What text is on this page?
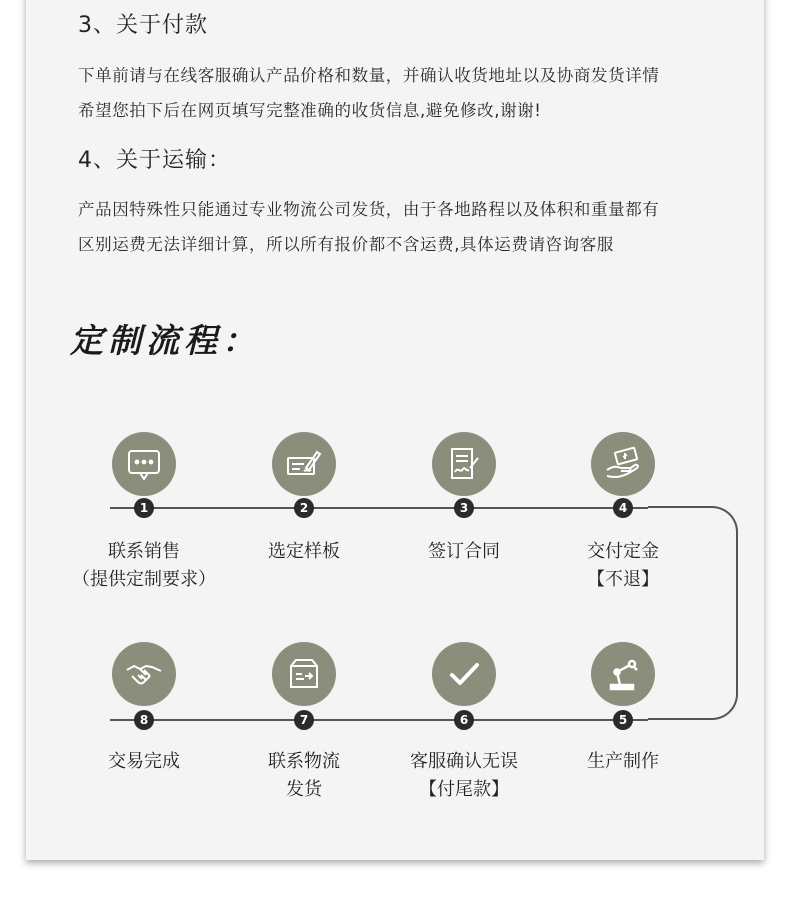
3、关于付款
下单前请与在线客服确认产品价格和数量，并确认收货地址以及协商发货详情
希望您拍下后在网页填写完整准确的收货信息,避免修改,谢谢!
4、关于运输：
产品因特殊性只能通过专业物流公司发货，由于各地路程以及体积和重量都有
区别运费无法详细计算，所以所有报价都不含运费,具体运费请咨询客服
定制流程：
1	2	3	4
联系销售
（提供定制要求）
选定样板	签订合同	交付定金
【不退】
8	7	6	5
交易完成	联系物流
发货
客服确认无误
【付尾款】
生产制作
